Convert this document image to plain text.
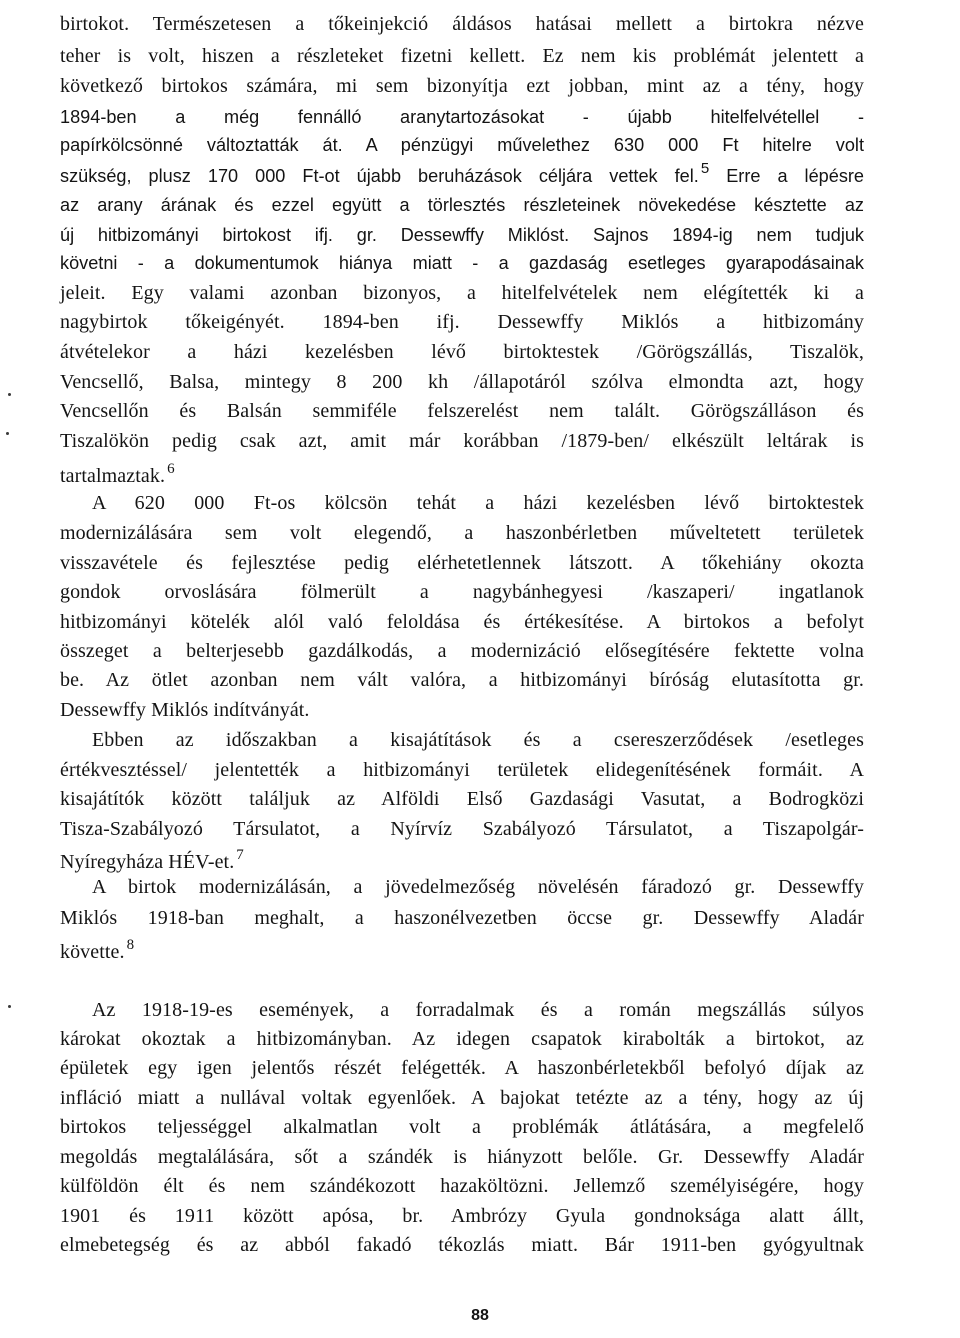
birtokot. Természetesen a tőkeinjekció áldásos hatásai mellett a birtokra nézve
teher is volt, hiszen a részleteket fizetni kellett. Ez nem kis problémát jelentett a
következő birtokos számára, mi sem bizonyítja ezt jobban, mint az a tény, hogy
1894-ben a még fennálló aranytartozásokat - újabb hitelfelvétellel -
papírkölcsönné változtatták át. A pénzügyi művelethez 630 000 Ft hitelre volt
szükség, plusz 170 000 Ft-ot újabb beruházások céljára vettek fel. $^5$ Erre a lépésre
az arany árának és ezzel együtt a törlesztés részleteinek növekedése késztette az
új hitbizományi birtokost ifj. gr. Dessewffy Miklóst. Sajnos 1894-ig nem tudjuk
követni - a dokumentumok hiánya miatt - a gazdaság esetleges gyarapodásainak
jeleit. Egy valami azonban bizonyos, a hitelfelvételek nem elégítették ki a
nagybirtok tőkeigényét. 1894-ben ifj. Dessewffy Miklós a hitbizomány
átvételekor a házi kezelésben lévő birtoktestek /Görögszállás, Tiszalök,
Vencsellő, Balsa, mintegy 8 200 kh /állapotáról szólva elmondta azt, hogy
Vencsellőn és Balsán semmiféle felszerelést nem talált. Görögszálláson és
Tiszalökön pedig csak azt, amit már korábban /1879-ben/ elkészült leltárak is
tartalmaztak. $^6$
A 620 000 Ft-os kölcsön tehát a házi kezelésben lévő birtoktestek
modernizálására sem volt elegendő, a haszonbérletben műveltetett területek
visszavétele és fejlesztése pedig elérhetetlennek látszott. A tőkehiány okozta
gondok orvoslására fölmerült a nagybánhegyesi /kaszaperi/ ingatlanok
hitbizományi kötelék alól való feloldása és értékesítése. A birtokos a befolyt
összeget a belterjesebb gazdálkodás, a modernizáció elősegítésére fektette volna
be. Az ötlet azonban nem vált valóra, a hitbizományi bíróság elutasította gr.
Dessewffy Miklós indítványát.
Ebben az időszakban a kisajátítások és a csereszerződések /esetleges
értékvesztéssel/ jelentették a hitbizományi területek elidegenítésének formáit. A
kisajátítók között találjuk az Alföldi Első Gazdasági Vasutat, a Bodrogközi
Tisza-Szabályozó Társulatot, a Nyírvíz Szabályozó Társulatot, a Tiszapolgár-
Nyíregyháza HÉV-et. $^7$
A birtok modernizálásán, a jövedelmezőség növelésén fáradozó gr. Dessewffy
Miklós 1918-ban meghalt, a haszonélvezetben öccse gr. Dessewffy Aladár
követte. $^8$
Az 1918-19-es események, a forradalmak és a román megszállás súlyos
károkat okoztak a hitbizományban. Az idegen csapatok kirabolták a birtokot, az
épületek egy igen jelentős részét felégették. A haszonbérletekből befolyó díjak az
infláció miatt a nullával voltak egyenlőek. A bajokat tetézte az a tény, hogy az új
birtokos teljességgel alkalmatlan volt a problémák átlátására, a megfelelő
megoldás megtalálására, sőt a szándék is hiányzott belőle. Gr. Dessewffy Aladár
külföldön élt és nem szándékozott hazaköltözni. Jellemző személyiségére, hogy
1901 és 1911 között apósa, br. Ambrózy Gyula gondnoksága alatt állt,
elmebetegség és az abból fakadó tékozlás miatt. Bár 1911-ben gyógyultnak
88
